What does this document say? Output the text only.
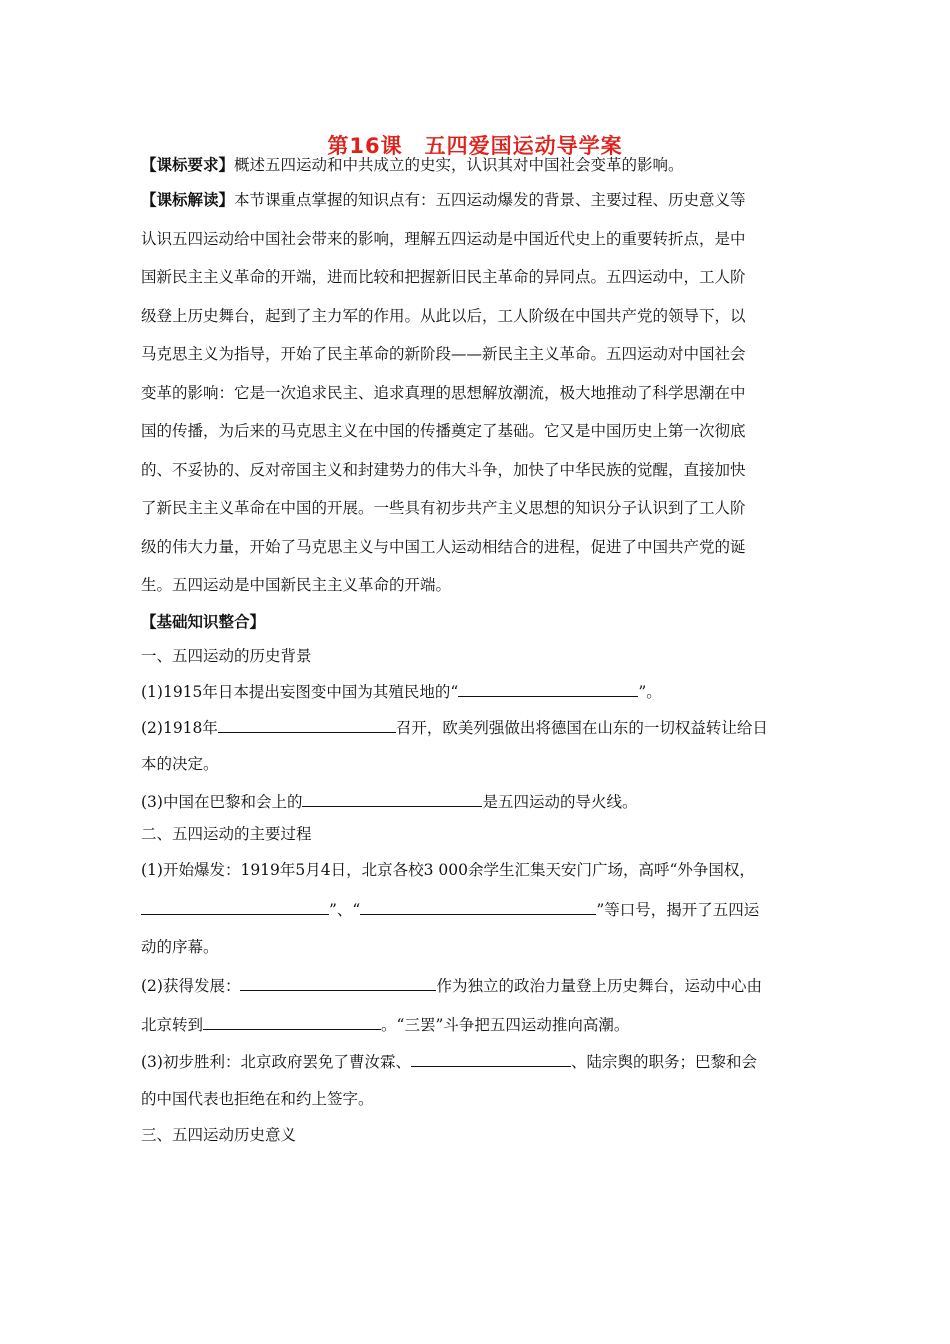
第16课　五四爱国运动导学案
【课标要求】概述五四运动和中共成立的史实，认识其对中国社会变革的影响。
【课标解读】本节课重点掌握的知识点有：五四运动爆发的背景、主要过程、历史意义等
认识五四运动给中国社会带来的影响，理解五四运动是中国近代史上的重要转折点，是中
国新民主主义革命的开端，进而比较和把握新旧民主革命的异同点。五四运动中，工人阶
级登上历史舞台，起到了主力军的作用。从此以后，工人阶级在中国共产党的领导下，以
马克思主义为指导，开始了民主革命的新阶段——新民主主义革命。五四运动对中国社会
变革的影响：它是一次追求民主、追求真理的思想解放潮流，极大地推动了科学思潮在中
国的传播，为后来的马克思主义在中国的传播奠定了基础。它又是中国历史上第一次彻底
的、不妥协的、反对帝国主义和封建势力的伟大斗争，加快了中华民族的觉醒，直接加快
了新民主主义革命在中国的开展。一些具有初步共产主义思想的知识分子认识到了工人阶
级的伟大力量，开始了马克思主义与中国工人运动相结合的进程，促进了中国共产党的诞
生。五四运动是中国新民主主义革命的开端。
【基础知识整合】
一、五四运动的历史背景
(1)1915年日本提出妄图变中国为其殖民地的“	”。
(2)1918年	召开，欧美列强做出将德国在山东的一切权益转让给日
本的决定。
(3)中国在巴黎和会上的	是五四运动的导火线。
二、五四运动的主要过程
(1)开始爆发：1919年5月4日，北京各校3 000余学生汇集天安门广场，高呼“外争国权，
”、“	”等口号，揭开了五四运
动的序幕。
(2)获得发展：	作为独立的政治力量登上历史舞台，运动中心由
北京转到	。“三罢”斗争把五四运动推向高潮。
(3)初步胜利：北京政府罢免了曹汝霖、	、陆宗舆的职务；巴黎和会
的中国代表也拒绝在和约上签字。
三、五四运动历史意义
